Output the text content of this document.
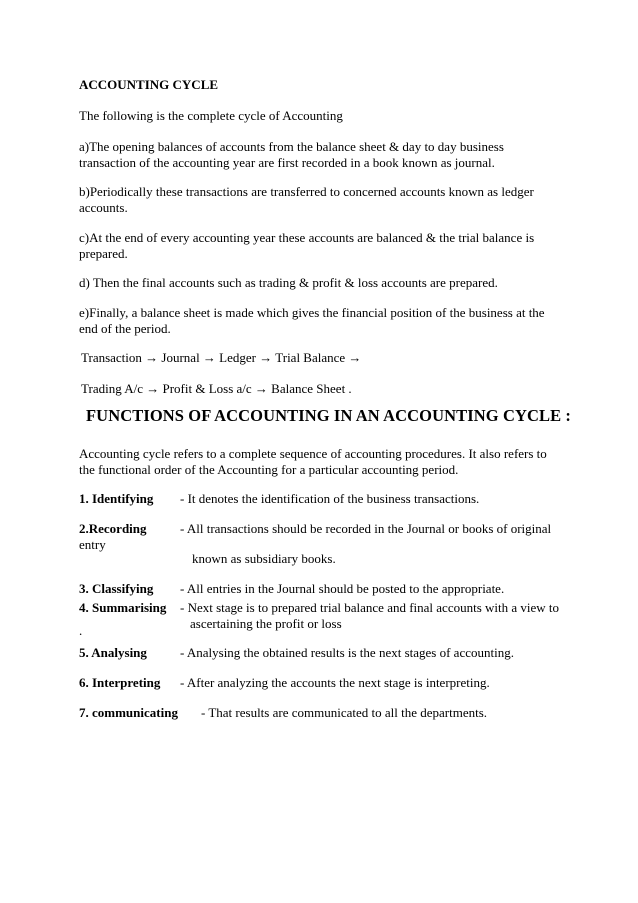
ACCOUNTING CYCLE
The following is the complete cycle of Accounting
a)The opening balances of accounts from the balance sheet & day to day business
transaction of the accounting year are first recorded in a book known as journal.
b)Periodically these transactions are transferred to concerned accounts known as ledger
accounts.
c)At the end of every accounting year these accounts are balanced & the trial balance is
prepared.
d) Then the final accounts such as trading & profit & loss accounts are prepared.
e)Finally, a balance sheet is made which gives the financial position of the business at the
end of the period.
Transaction → Journal → Ledger → Trial Balance →
Trading A/c → Profit & Loss a/c → Balance Sheet .
FUNCTIONS OF ACCOUNTING IN AN ACCOUNTING CYCLE :
Accounting cycle refers to a complete sequence of accounting procedures. It also refers to
the functional order of the Accounting for a particular accounting period.
1. Identifying - It denotes the identification of the business transactions.
2.Recording
entry
- All transactions should be recorded in the Journal or books of original
known as subsidiary books.
3. Classifying - All entries in the Journal should be posted to the appropriate.
4. Summarising
.
- Next stage is to prepared trial balance and final accounts with a view to
ascertaining the profit or loss
5. Analysing	- Analysing the obtained results is the next stages of accounting.
6. Interpreting - After analyzing the accounts the next stage is interpreting.
7. communicating - That results are communicated to all the departments.
